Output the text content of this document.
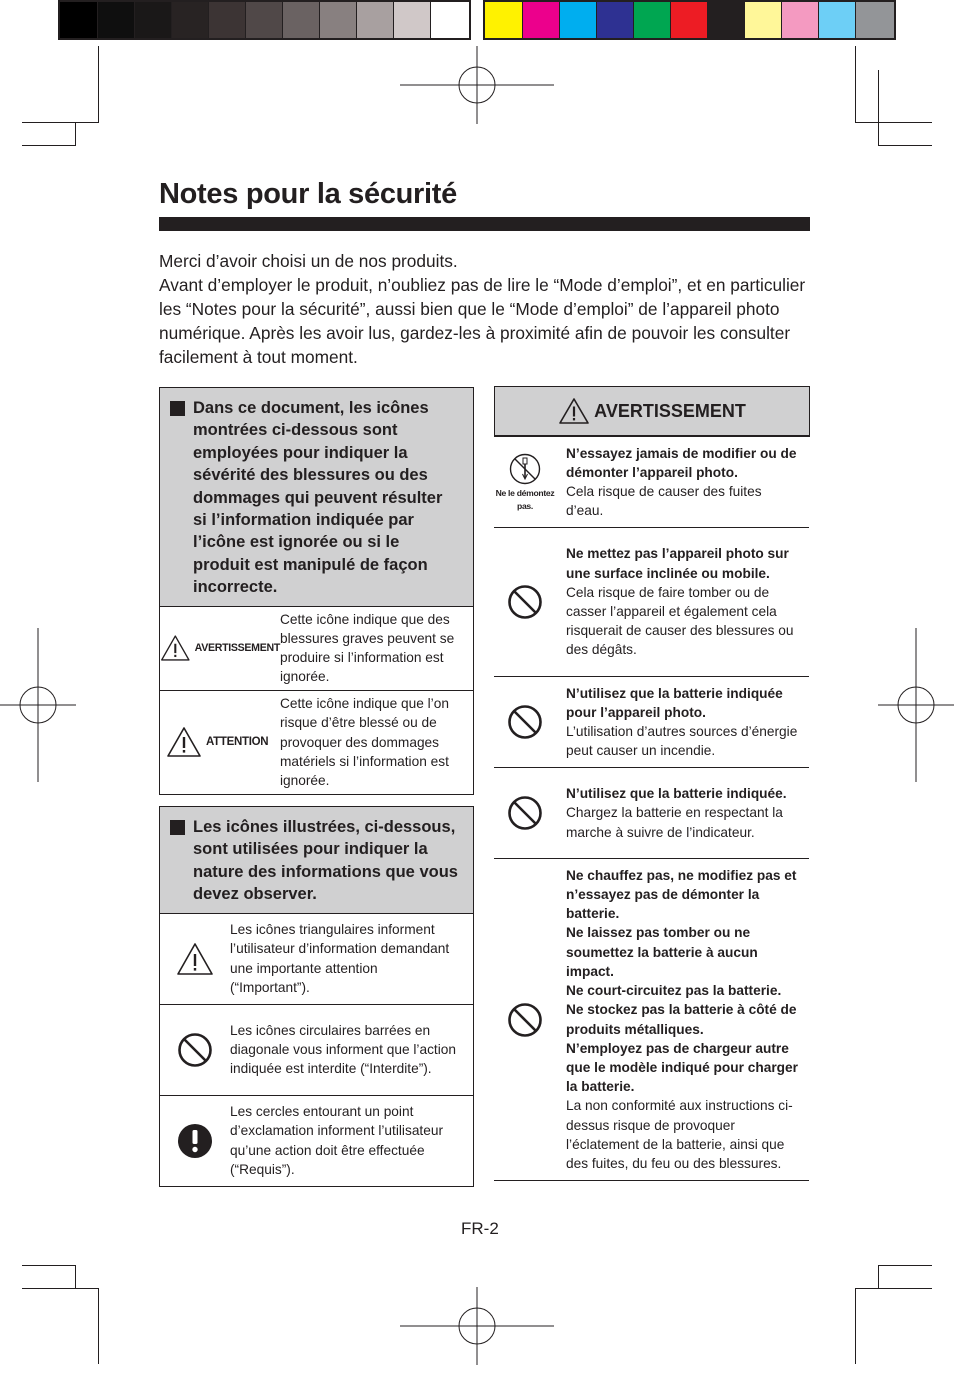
Notes pour la sécurité

Merci d’avoir choisi un de nos produits.

Avant d’employer le produit, n’oubliez pas de lire le “Mode d’emploi”, et en particulier les “Notes pour la sécurité”, aussi bien que le “Mode d’emploi” de l’appareil photo numérique. Après les avoir lus, gardez-les à proximité afin de pouvoir les consulter facilement à tout moment.

Dans ce document, les icônes montrées ci-dessous sont employées pour indiquer la sévérité des blessures ou des dommages qui peuvent résulter si l’information indiquée par l’icône est ignorée ou si le produit est manipulé de façon incorrecte.
AVERTISSEMENT
Cette icône indique que des blessures graves peuvent se produire si l’information est ignorée.
ATTENTION
Cette icône indique que l’on risque d’être blessé ou de provoquer des dommages matériels si l’information est ignorée.
Les icônes illustrées, ci-dessous, sont utilisées pour indiquer la nature des informations que vous devez observer.
Les icônes triangulaires informent l’utilisateur d’information demandant une importante attention (“Important”).
Les icônes circulaires barrées en diagonale vous informent que l’action indiquée est interdite (“Interdite”).
Les cercles entourant un point d’exclamation informent l’utilisateur qu’une action doit être effectuée (“Requis”).
AVERTISSEMENT
Ne le démontez pas.
N’essayez jamais de modifier ou de démonter l’appareil photo.
Cela risque de causer des fuites d’eau.
Ne mettez pas l’appareil photo sur une surface inclinée ou mobile.
Cela risque de faire tomber ou de casser l’appareil et également cela risquerait de causer des blessures ou des dégâts.
N’utilisez que la batterie indiquée pour l’appareil photo.
L’utilisation d’autres sources d’énergie peut causer un incendie.
N’utilisez que la batterie indiquée.
Chargez la batterie en respectant la marche à suivre de l’indicateur.
Ne chauffez pas, ne modifiez pas et n’essayez pas de démonter la batterie.
Ne laissez pas tomber ou ne soumettez la batterie à aucun impact.
Ne court-circuitez pas la batterie.
Ne stockez pas la batterie à côté de produits métalliques.
N’employez pas de chargeur autre que le modèle indiqué pour charger la batterie.
La non conformité aux instructions ci-dessus risque de provoquer l’éclatement de la batterie, ainsi que des fuites, du feu ou des blessures.
FR-2
